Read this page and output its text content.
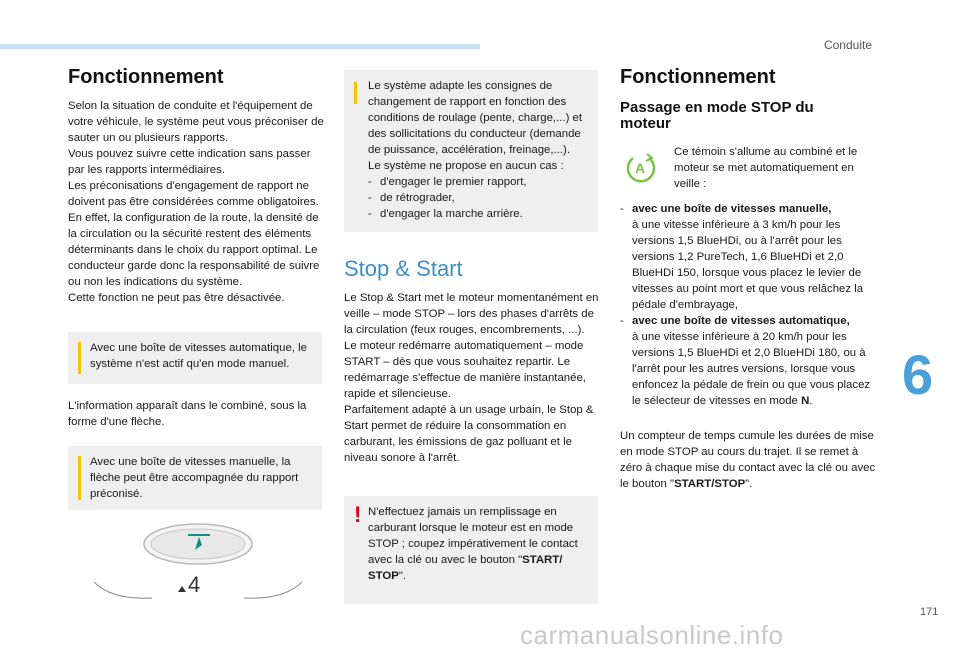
Conduite
Fonctionnement

Selon la situation de conduite et l'équipement de votre véhicule, le système peut vous préconiser de sauter un ou plusieurs rapports.

Vous pouvez suivre cette indication sans passer par les rapports intermédiaires.

Les préconisations d'engagement de rapport ne doivent pas être considérées comme obligatoires. En effet, la configuration de la route, la densité de la circulation ou la sécurité restent des éléments déterminants dans le choix du rapport optimal. Le conducteur garde donc la responsabilité de suivre ou non les indications du système.

Cette fonction ne peut pas être désactivée.

Avec une boîte de vitesses automatique, le système n'est actif qu'en mode manuel.
L'information apparaît dans le combiné, sous la forme d'une flèche.
Avec une boîte de vitesses manuelle, la flèche peut être accompagnée du rapport préconisé.
4
Le système adapte les consignes de changement de rapport en fonction des conditions de roulage (pente, charge,...) et des sollicitations du conducteur (demande de puissance, accélération, freinage,...).
Le système ne propose en aucun cas :
- d'engager le premier rapport,
- de rétrograder,
- d'engager la marche arrière.
Stop & Start

Le Stop & Start met le moteur momentanément en veille – mode STOP – lors des phases d'arrêts de la circulation (feux rouges, encombrements, ...). Le moteur redémarre automatiquement – mode START – dès que vous souhaitez repartir. Le redémarrage s'effectue de manière instantanée, rapide et silencieuse.

Parfaitement adapté à un usage urbain, le Stop & Start permet de réduire la consommation en carburant, les émissions de gaz polluant et le niveau sonore à l'arrêt.

! N'effectuez jamais un remplissage en carburant lorsque le moteur est en mode STOP ; coupez impérativement le contact avec la clé ou avec le bouton "START/ STOP".
Fonctionnement
Passage en mode STOP du moteur
A
Ce témoin s'allume au combiné et le moteur se met automatiquement en veille :
- avec une boîte de vitesses manuelle,
à une vitesse inférieure à 3 km/h pour les versions 1,5 BlueHDi, ou à l'arrêt pour les versions 1,2 PureTech, 1,6 BlueHDi et 2,0 BlueHDi 150, lorsque vous placez le levier de vitesses au point mort et que vous relâchez la pédale d'embrayage,
- avec une boîte de vitesses automatique,
à une vitesse inférieure à 20 km/h pour les versions 1,5 BlueHDi et 2,0 BlueHDi 180, ou à l'arrêt pour les autres versions, lorsque vous enfoncez la pédale de frein ou que vous placez le sélecteur de vitesses en mode N.
Un compteur de temps cumule les durées de mise en mode STOP au cours du trajet. Il se remet à zéro à chaque mise du contact avec la clé ou avec le bouton "START/STOP".
6
171
carmanualsonline.info
